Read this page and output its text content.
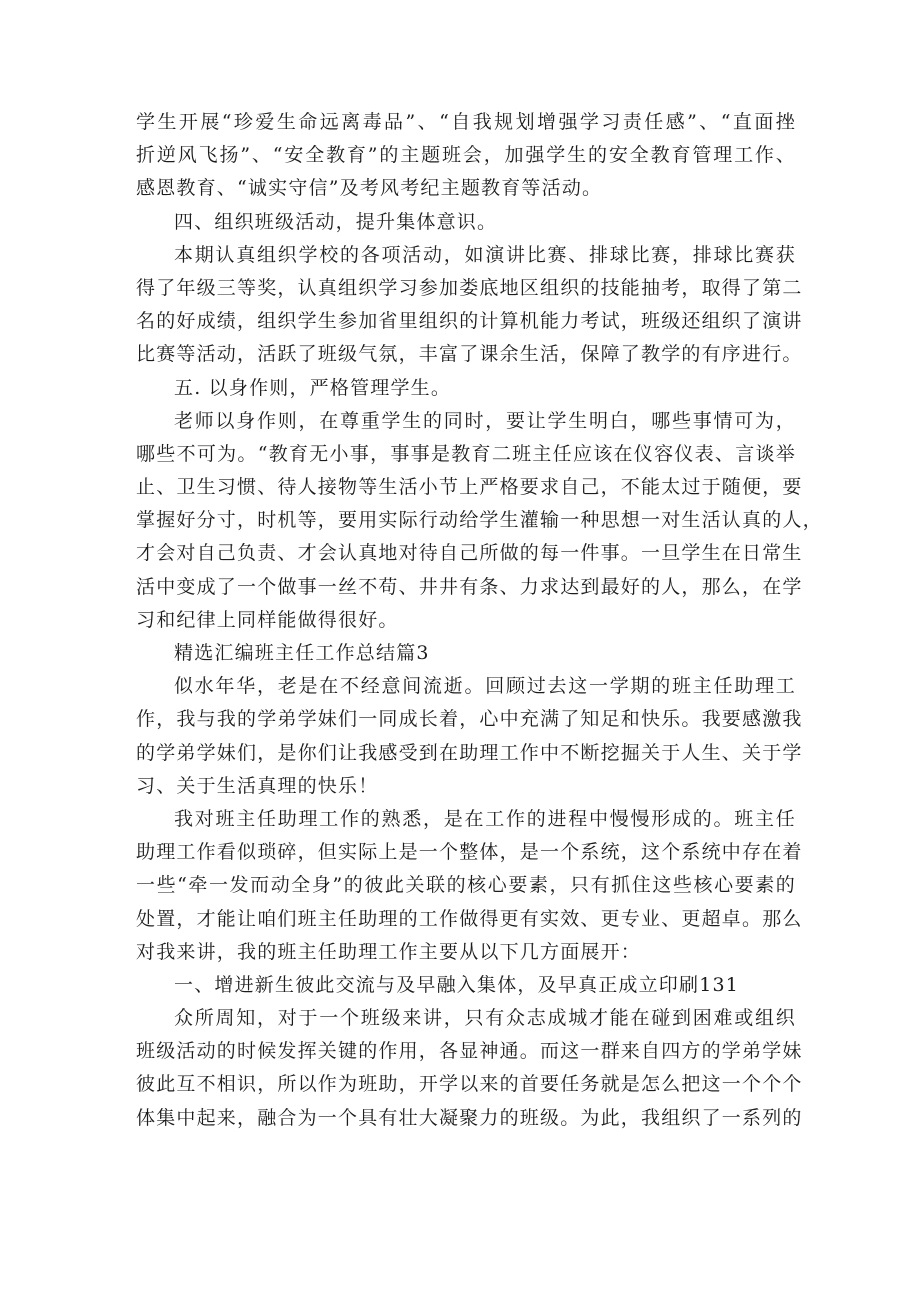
学生开展“珍爱生命远离毒品”、“自我规划增强学习责任感”、“直面挫
折逆风飞扬”、“安全教育”的主题班会，加强学生的安全教育管理工作、
感恩教育、“诚实守信”及考风考纪主题教育等活动。
四、组织班级活动，提升集体意识。
本期认真组织学校的各项活动，如演讲比赛、排球比赛，排球比赛获
得了年级三等奖，认真组织学习参加娄底地区组织的技能抽考，取得了第二
名的好成绩，组织学生参加省里组织的计算机能力考试，班级还组织了演讲
比赛等活动，活跃了班级气氛，丰富了课余生活，保障了教学的有序进行。
五. 以身作则，严格管理学生。
老师以身作则，在尊重学生的同时，要让学生明白，哪些事情可为，
哪些不可为。“教育无小事，事事是教育二班主任应该在仪容仪表、言谈举
止、卫生习惯、待人接物等生活小节上严格要求自己，不能太过于随便，要
掌握好分寸，时机等，要用实际行动给学生灌输一种思想一对生活认真的人，
才会对自己负责、才会认真地对待自己所做的每一件事。一旦学生在日常生
活中变成了一个做事一丝不苟、井井有条、力求达到最好的人，那么，在学
习和纪律上同样能做得很好。
精选汇编班主任工作总结篇3
似水年华，老是在不经意间流逝。回顾过去这一学期的班主任助理工
作，我与我的学弟学妹们一同成长着，心中充满了知足和快乐。我要感激我
的学弟学妹们，是你们让我感受到在助理工作中不断挖掘关于人生、关于学
习、关于生活真理的快乐！
我对班主任助理工作的熟悉，是在工作的进程中慢慢形成的。班主任
助理工作看似琐碎，但实际上是一个整体，是一个系统，这个系统中存在着
一些“牵一发而动全身”的彼此关联的核心要素，只有抓住这些核心要素的
处置，才能让咱们班主任助理的工作做得更有实效、更专业、更超卓。那么
对我来讲，我的班主任助理工作主要从以下几方面展开：
一、增进新生彼此交流与及早融入集体，及早真正成立印刷131
众所周知，对于一个班级来讲，只有众志成城才能在碰到困难或组织
班级活动的时候发挥关键的作用，各显神通。而这一群来自四方的学弟学妹
彼此互不相识，所以作为班助，开学以来的首要任务就是怎么把这一个个个
体集中起来，融合为一个具有壮大凝聚力的班级。为此，我组织了一系列的
